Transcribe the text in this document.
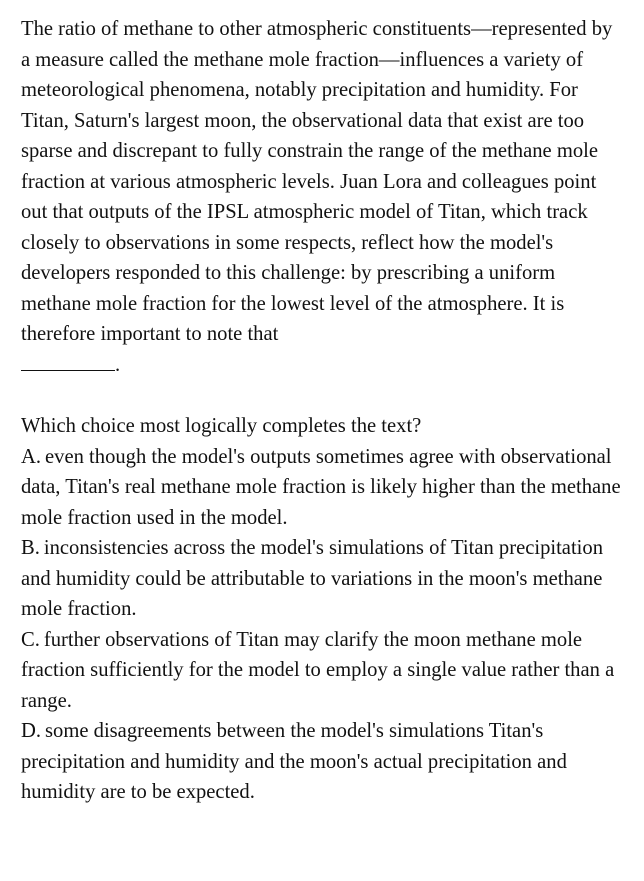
The ratio of methane to other atmospheric constituents—represented by a measure called the methane mole fraction—influences a variety of meteorological phenomena, notably precipitation and humidity. For Titan, Saturn's largest moon, the observational data that exist are too sparse and discrepant to fully constrain the range of the methane mole fraction at various atmospheric levels. Juan Lora and colleagues point out that outputs of the IPSL atmospheric model of Titan, which track closely to observations in some respects, reflect how the model's developers responded to this challenge: by prescribing a uniform methane mole fraction for the lowest level of the atmosphere. It is therefore important to note that

.

Which choice most logically completes the text?

A. even though the model's outputs sometimes agree with observational data, Titan's real methane mole fraction is likely higher than the methane mole fraction used in the model.
B. inconsistencies across the model's simulations of Titan precipitation and humidity could be attributable to variations in the moon's methane mole fraction.
C. further observations of Titan may clarify the moon methane mole fraction sufficiently for the model to employ a single value rather than a range.
D. some disagreements between the model's simulations Titan's precipitation and humidity and the moon's actual precipitation and humidity are to be expected.
